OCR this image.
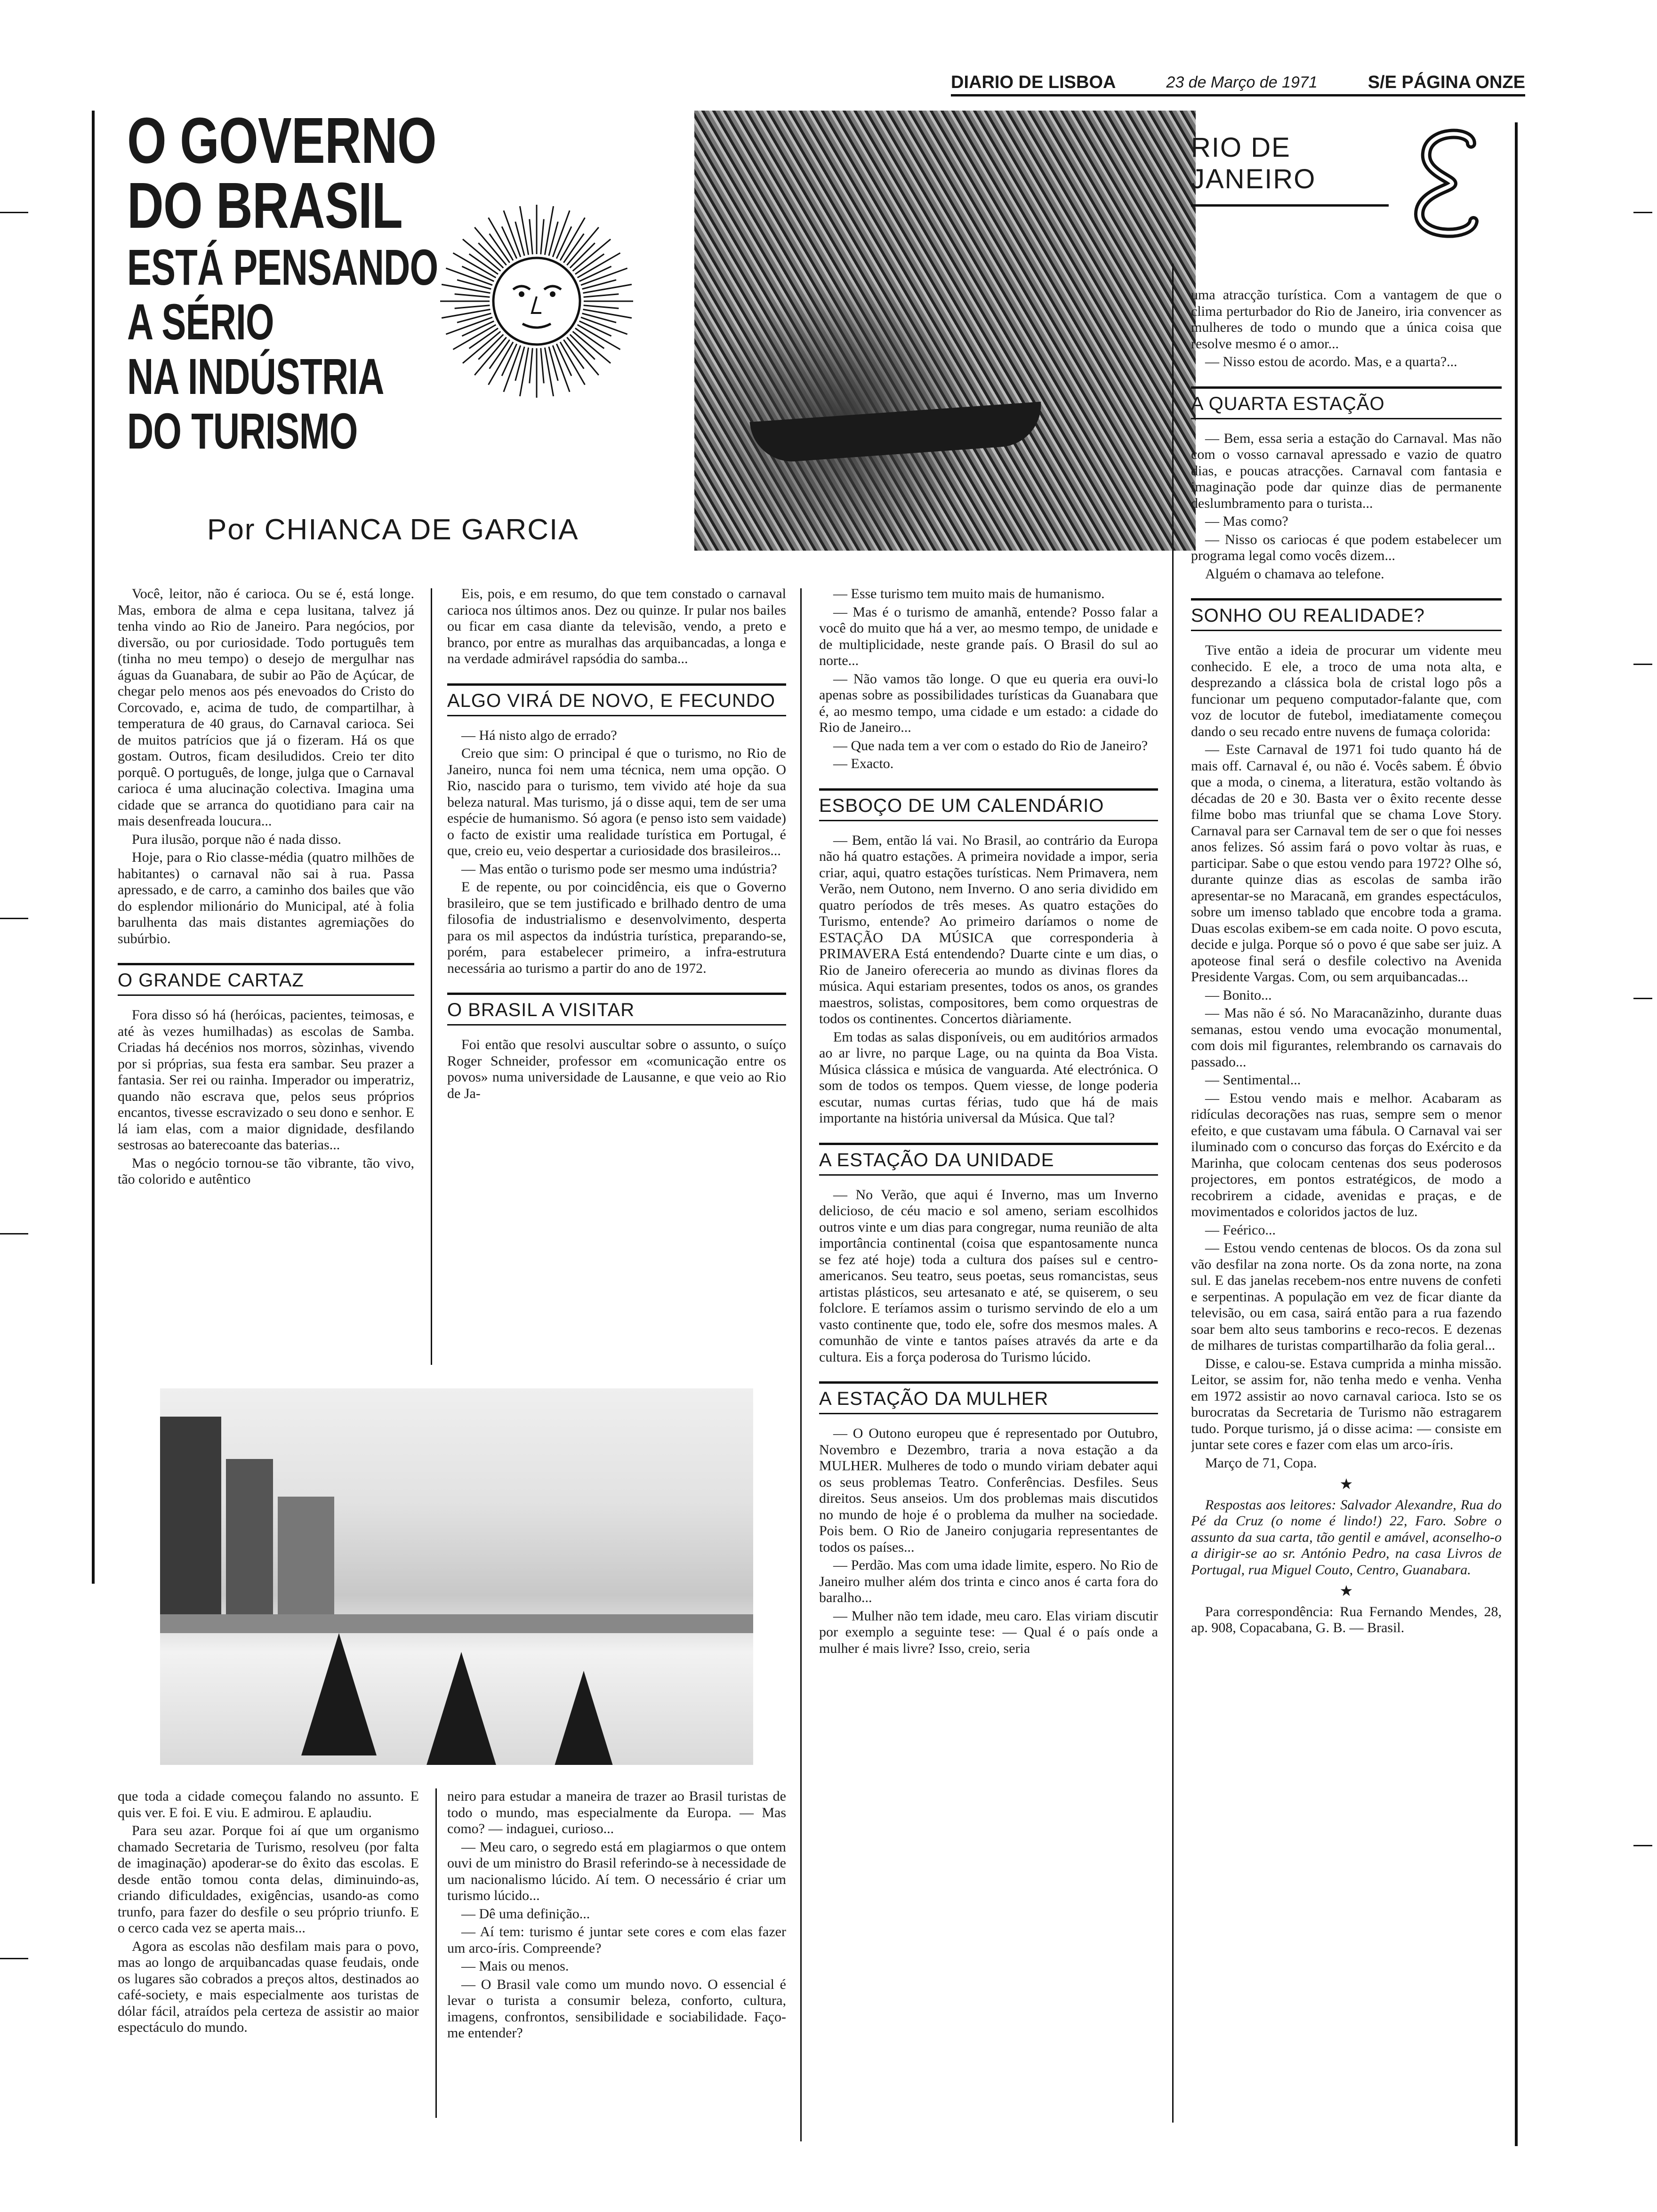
DIARIO DE LISBOA	23 de Março de 1971	S/E PÁGINA ONZE
O GOVERNO
DO BRASIL
ESTÁ PENSANDO
A SÉRIO
NA INDÚSTRIA
DO TURISMO
RIO DE JANEIRO
Por CHIANCA DE GARCIA

Você, leitor, não é carioca. Ou se é, está longe. Mas, embora de alma e cepa lusitana, talvez já tenha vindo ao Rio de Janeiro. Para negócios, por diversão, ou por curiosidade. Todo português tem (tinha no meu tempo) o desejo de mergulhar nas águas da Guanabara, de subir ao Pão de Açúcar, de chegar pelo menos aos pés enevoados do Cristo do Corcovado, e, acima de tudo, de compartilhar, à temperatura de 40 graus, do Carnaval carioca. Sei de muitos patrícios que já o fizeram. Há os que gostam. Outros, ficam desiludidos. Creio ter dito porquê. O português, de longe, julga que o Carnaval carioca é uma alucinação colectiva. Imagina uma cidade que se arranca do quotidiano para cair na mais desenfreada loucura...

Pura ilusão, porque não é nada disso.

Hoje, para o Rio classe-média (quatro milhões de habitantes) o carnaval não sai à rua. Passa apressado, e de carro, a caminho dos bailes que vão do esplendor milionário do Municipal, até à folia barulhenta das mais distantes agremiações do subúrbio.

O GRANDE CARTAZ

Fora disso só há (heróicas, pacientes, teimosas, e até às vezes humilhadas) as escolas de Samba. Criadas há decénios nos morros, sòzinhas, vivendo por si próprias, sua festa era sambar. Seu prazer a fantasia. Ser rei ou rainha. Imperador ou imperatriz, quando não escrava que, pelos seus próprios encantos, tivesse escravizado o seu dono e senhor. E lá iam elas, com a maior dignidade, desfilando sestrosas ao baterecoante das baterias...

Mas o negócio tornou-se tão vibrante, tão vivo, tão colorido e autêntico

Eis, pois, e em resumo, do que tem constado o carnaval carioca nos últimos anos. Dez ou quinze. Ir pular nos bailes ou ficar em casa diante da televisão, vendo, a preto e branco, por entre as muralhas das arquibancadas, a longa e na verdade admirável rapsódia do samba...

ALGO VIRÁ DE NOVO, E FECUNDO

— Há nisto algo de errado?

Creio que sim: O principal é que o turismo, no Rio de Janeiro, nunca foi nem uma técnica, nem uma opção. O Rio, nascido para o turismo, tem vivido até hoje da sua beleza natural. Mas turismo, já o disse aqui, tem de ser uma espécie de humanismo. Só agora (e penso isto sem vaidade) o facto de existir uma realidade turística em Portugal, é que, creio eu, veio despertar a curiosidade dos brasileiros...

— Mas então o turismo pode ser mesmo uma indústria?

E de repente, ou por coincidência, eis que o Governo brasileiro, que se tem justificado e brilhado dentro de uma filosofia de industrialismo e desenvolvimento, desperta para os mil aspectos da indústria turística, preparando-se, porém, para estabelecer primeiro, a infra-estrutura necessária ao turismo a partir do ano de 1972.

O BRASIL A VISITAR

Foi então que resolvi auscultar sobre o assunto, o suíço Roger Schneider, professor em «comunicação entre os povos» numa universidade de Lausanne, e que veio ao Rio de Ja-

que toda a cidade começou falando no assunto. E quis ver. E foi. E viu. E admirou. E aplaudiu.

Para seu azar. Porque foi aí que um organismo chamado Secretaria de Turismo, resolveu (por falta de imaginação) apoderar-se do êxito das escolas. E desde então tomou conta delas, diminuindo-as, criando dificuldades, exigências, usando-as como trunfo, para fazer do desfile o seu próprio triunfo. E o cerco cada vez se aperta mais...

Agora as escolas não desfilam mais para o povo, mas ao longo de arquibancadas quase feudais, onde os lugares são cobrados a preços altos, destinados ao café-society, e mais especialmente aos turistas de dólar fácil, atraídos pela certeza de assistir ao maior espectáculo do mundo.

neiro para estudar a maneira de trazer ao Brasil turistas de todo o mundo, mas especialmente da Europa. — Mas como? — indaguei, curioso...

— Meu caro, o segredo está em plagiarmos o que ontem ouvi de um ministro do Brasil referindo-se à necessidade de um nacionalismo lúcido. Aí tem. O necessário é criar um turismo lúcido...

— Dê uma definição...

— Aí tem: turismo é juntar sete cores e com elas fazer um arco-íris. Compreende?

— Mais ou menos.

— O Brasil vale como um mundo novo. O essencial é levar o turista a consumir beleza, conforto, cultura, imagens, confrontos, sensibilidade e sociabilidade. Faço-me entender?

— Esse turismo tem muito mais de humanismo.

— Mas é o turismo de amanhã, entende? Posso falar a você do muito que há a ver, ao mesmo tempo, de unidade e de multiplicidade, neste grande país. O Brasil do sul ao norte...

— Não vamos tão longe. O que eu queria era ouvi-lo apenas sobre as possibilidades turísticas da Guanabara que é, ao mesmo tempo, uma cidade e um estado: a cidade do Rio de Janeiro...

— Que nada tem a ver com o estado do Rio de Janeiro?

— Exacto.

ESBOÇO DE UM CALENDÁRIO

— Bem, então lá vai. No Brasil, ao contrário da Europa não há quatro estações. A primeira novidade a impor, seria criar, aqui, quatro estações turísticas. Nem Primavera, nem Verão, nem Outono, nem Inverno. O ano seria dividido em quatro períodos de três meses. As quatro estações do Turismo, entende? Ao primeiro daríamos o nome de ESTAÇÃO DA MÚSICA que corresponderia à PRIMAVERA Está entendendo? Duarte cinte e um dias, o Rio de Janeiro ofereceria ao mundo as divinas flores da música. Aqui estariam presentes, todos os anos, os grandes maestros, solistas, compositores, bem como orquestras de todos os continentes. Concertos diàriamente.

Em todas as salas disponíveis, ou em auditórios armados ao ar livre, no parque Lage, ou na quinta da Boa Vista. Música clássica e música de vanguarda. Até electrónica. O som de todos os tempos. Quem viesse, de longe poderia escutar, numas curtas férias, tudo que há de mais importante na história universal da Música. Que tal?

A ESTAÇÃO DA UNIDADE

— No Verão, que aqui é Inverno, mas um Inverno delicioso, de céu macio e sol ameno, seriam escolhidos outros vinte e um dias para congregar, numa reunião de alta importância continental (coisa que espantosamente nunca se fez até hoje) toda a cultura dos países sul e centro-americanos. Seu teatro, seus poetas, seus romancistas, seus artistas plásticos, seu artesanato e até, se quiserem, o seu folclore. E teríamos assim o turismo servindo de elo a um vasto continente que, todo ele, sofre dos mesmos males. A comunhão de vinte e tantos países através da arte e da cultura. Eis a força poderosa do Turismo lúcido.

A ESTAÇÃO DA MULHER

— O Outono europeu que é representado por Outubro, Novembro e Dezembro, traria a nova estação a da MULHER. Mulheres de todo o mundo viriam debater aqui os seus problemas Teatro. Conferências. Desfiles. Seus direitos. Seus anseios. Um dos problemas mais discutidos no mundo de hoje é o problema da mulher na sociedade. Pois bem. O Rio de Janeiro conjugaria representantes de todos os países...

— Perdão. Mas com uma idade limite, espero. No Rio de Janeiro mulher além dos trinta e cinco anos é carta fora do baralho...

— Mulher não tem idade, meu caro. Elas viriam discutir por exemplo a seguinte tese: — Qual é o país onde a mulher é mais livre? Isso, creio, seria

uma atracção turística. Com a vantagem de que o clima perturbador do Rio de Janeiro, iria convencer as mulheres de todo o mundo que a única coisa que resolve mesmo é o amor...

— Nisso estou de acordo. Mas, e a quarta?...

A QUARTA ESTAÇÃO

— Bem, essa seria a estação do Carnaval. Mas não com o vosso carnaval apressado e vazio de quatro dias, e poucas atracções. Carnaval com fantasia e imaginação pode dar quinze dias de permanente deslumbramento para o turista...

— Mas como?

— Nisso os cariocas é que podem estabelecer um programa legal como vocês dizem...

Alguém o chamava ao telefone.

SONHO OU REALIDADE?

Tive então a ideia de procurar um vidente meu conhecido. E ele, a troco de uma nota alta, e desprezando a clássica bola de cristal logo pôs a funcionar um pequeno computador-falante que, com voz de locutor de futebol, imediatamente começou dando o seu recado entre nuvens de fumaça colorida:

— Este Carnaval de 1971 foi tudo quanto há de mais off. Carnaval é, ou não é. Vocês sabem. É óbvio que a moda, o cinema, a literatura, estão voltando às décadas de 20 e 30. Basta ver o êxito recente desse filme bobo mas triunfal que se chama Love Story. Carnaval para ser Carnaval tem de ser o que foi nesses anos felizes. Só assim fará o povo voltar às ruas, e participar. Sabe o que estou vendo para 1972? Olhe só, durante quinze dias as escolas de samba irão apresentar-se no Maracanã, em grandes espectáculos, sobre um imenso tablado que encobre toda a grama. Duas escolas exibem-se em cada noite. O povo escuta, decide e julga. Porque só o povo é que sabe ser juiz. A apoteose final será o desfile colectivo na Avenida Presidente Vargas. Com, ou sem arquibancadas...

— Bonito...

— Mas não é só. No Maracanãzinho, durante duas semanas, estou vendo uma evocação monumental, com dois mil figurantes, relembrando os carnavais do passado...

— Sentimental...

— Estou vendo mais e melhor. Acabaram as ridículas decorações nas ruas, sempre sem o menor efeito, e que custavam uma fábula. O Carnaval vai ser iluminado com o concurso das forças do Exército e da Marinha, que colocam centenas dos seus poderosos projectores, em pontos estratégicos, de modo a recobrirem a cidade, avenidas e praças, e de movimentados e coloridos jactos de luz.

— Feérico...

— Estou vendo centenas de blocos. Os da zona sul vão desfilar na zona norte. Os da zona norte, na zona sul. E das janelas recebem-nos entre nuvens de confeti e serpentinas. A população em vez de ficar diante da televisão, ou em casa, sairá então para a rua fazendo soar bem alto seus tamborins e reco-recos. E dezenas de milhares de turistas compartilharão da folia geral...

Disse, e calou-se. Estava cumprida a minha missão. Leitor, se assim for, não tenha medo e venha. Venha em 1972 assistir ao novo carnaval carioca. Isto se os burocratas da Secretaria de Turismo não estragarem tudo. Porque turismo, já o disse acima: — consiste em juntar sete cores e fazer com elas um arco-íris.

Março de 71, Copa.

★

Respostas aos leitores: Salvador Alexandre, Rua do Pé da Cruz (o nome é lindo!) 22, Faro. Sobre o assunto da sua carta, tão gentil e amável, aconselho-o a dirigir-se ao sr. António Pedro, na casa Livros de Portugal, rua Miguel Couto, Centro, Guanabara.

★

Para correspondência: Rua Fernando Mendes, 28, ap. 908, Copacabana, G. B. — Brasil.
